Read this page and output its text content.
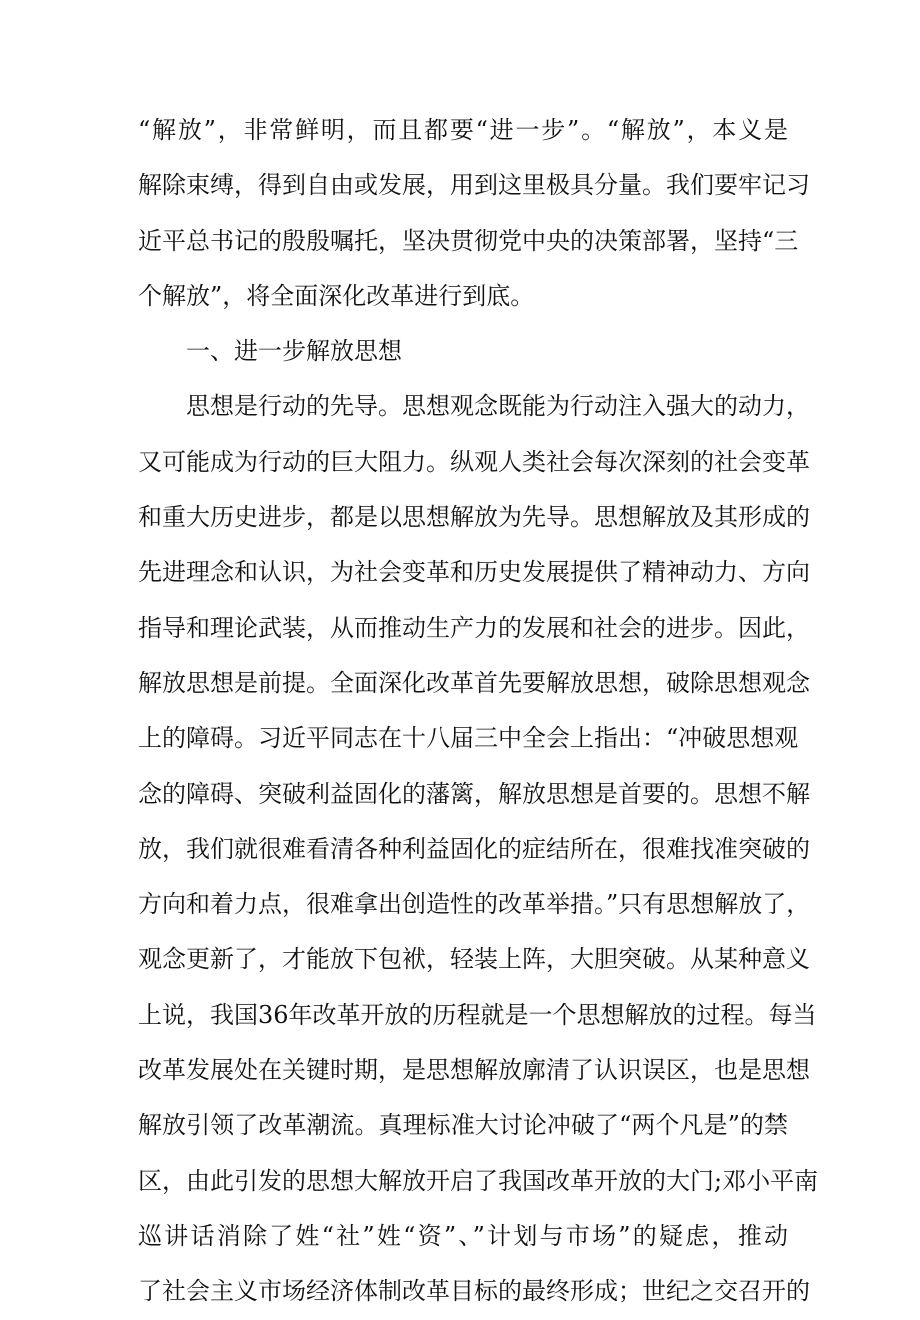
“解放”，非常鲜明，而且都要“进一步”。“解放”，本义是
解除束缚，得到自由或发展，用到这里极具分量。我们要牢记习
近平总书记的殷殷嘱托，坚决贯彻党中央的决策部署，坚持“三
个解放”，将全面深化改革进行到底。
一、进一步解放思想
思想是行动的先导。思想观念既能为行动注入强大的动力，
又可能成为行动的巨大阻力。纵观人类社会每次深刻的社会变革
和重大历史进步，都是以思想解放为先导。思想解放及其形成的
先进理念和认识，为社会变革和历史发展提供了精神动力、方向
指导和理论武装，从而推动生产力的发展和社会的进步。因此，
解放思想是前提。全面深化改革首先要解放思想，破除思想观念
上的障碍。习近平同志在十八届三中全会上指出：“冲破思想观
念的障碍、突破利益固化的藩篱，解放思想是首要的。思想不解
放，我们就很难看清各种利益固化的症结所在，很难找准突破的
方向和着力点，很难拿出创造性的改革举措。”只有思想解放了，
观念更新了，才能放下包袱，轻装上阵，大胆突破。从某种意义
上说，我国36年改革开放的历程就是一个思想解放的过程。每当
改革发展处在关键时期，是思想解放廓清了认识误区，也是思想
解放引领了改革潮流。真理标准大讨论冲破了“两个凡是”的禁
区，由此引发的思想大解放开启了我国改革开放的大门;邓小平南
巡讲话消除了姓“社”姓“资”、”计划与市场”的疑虑，推动
了社会主义市场经济体制改革目标的最终形成；世纪之交召开的
